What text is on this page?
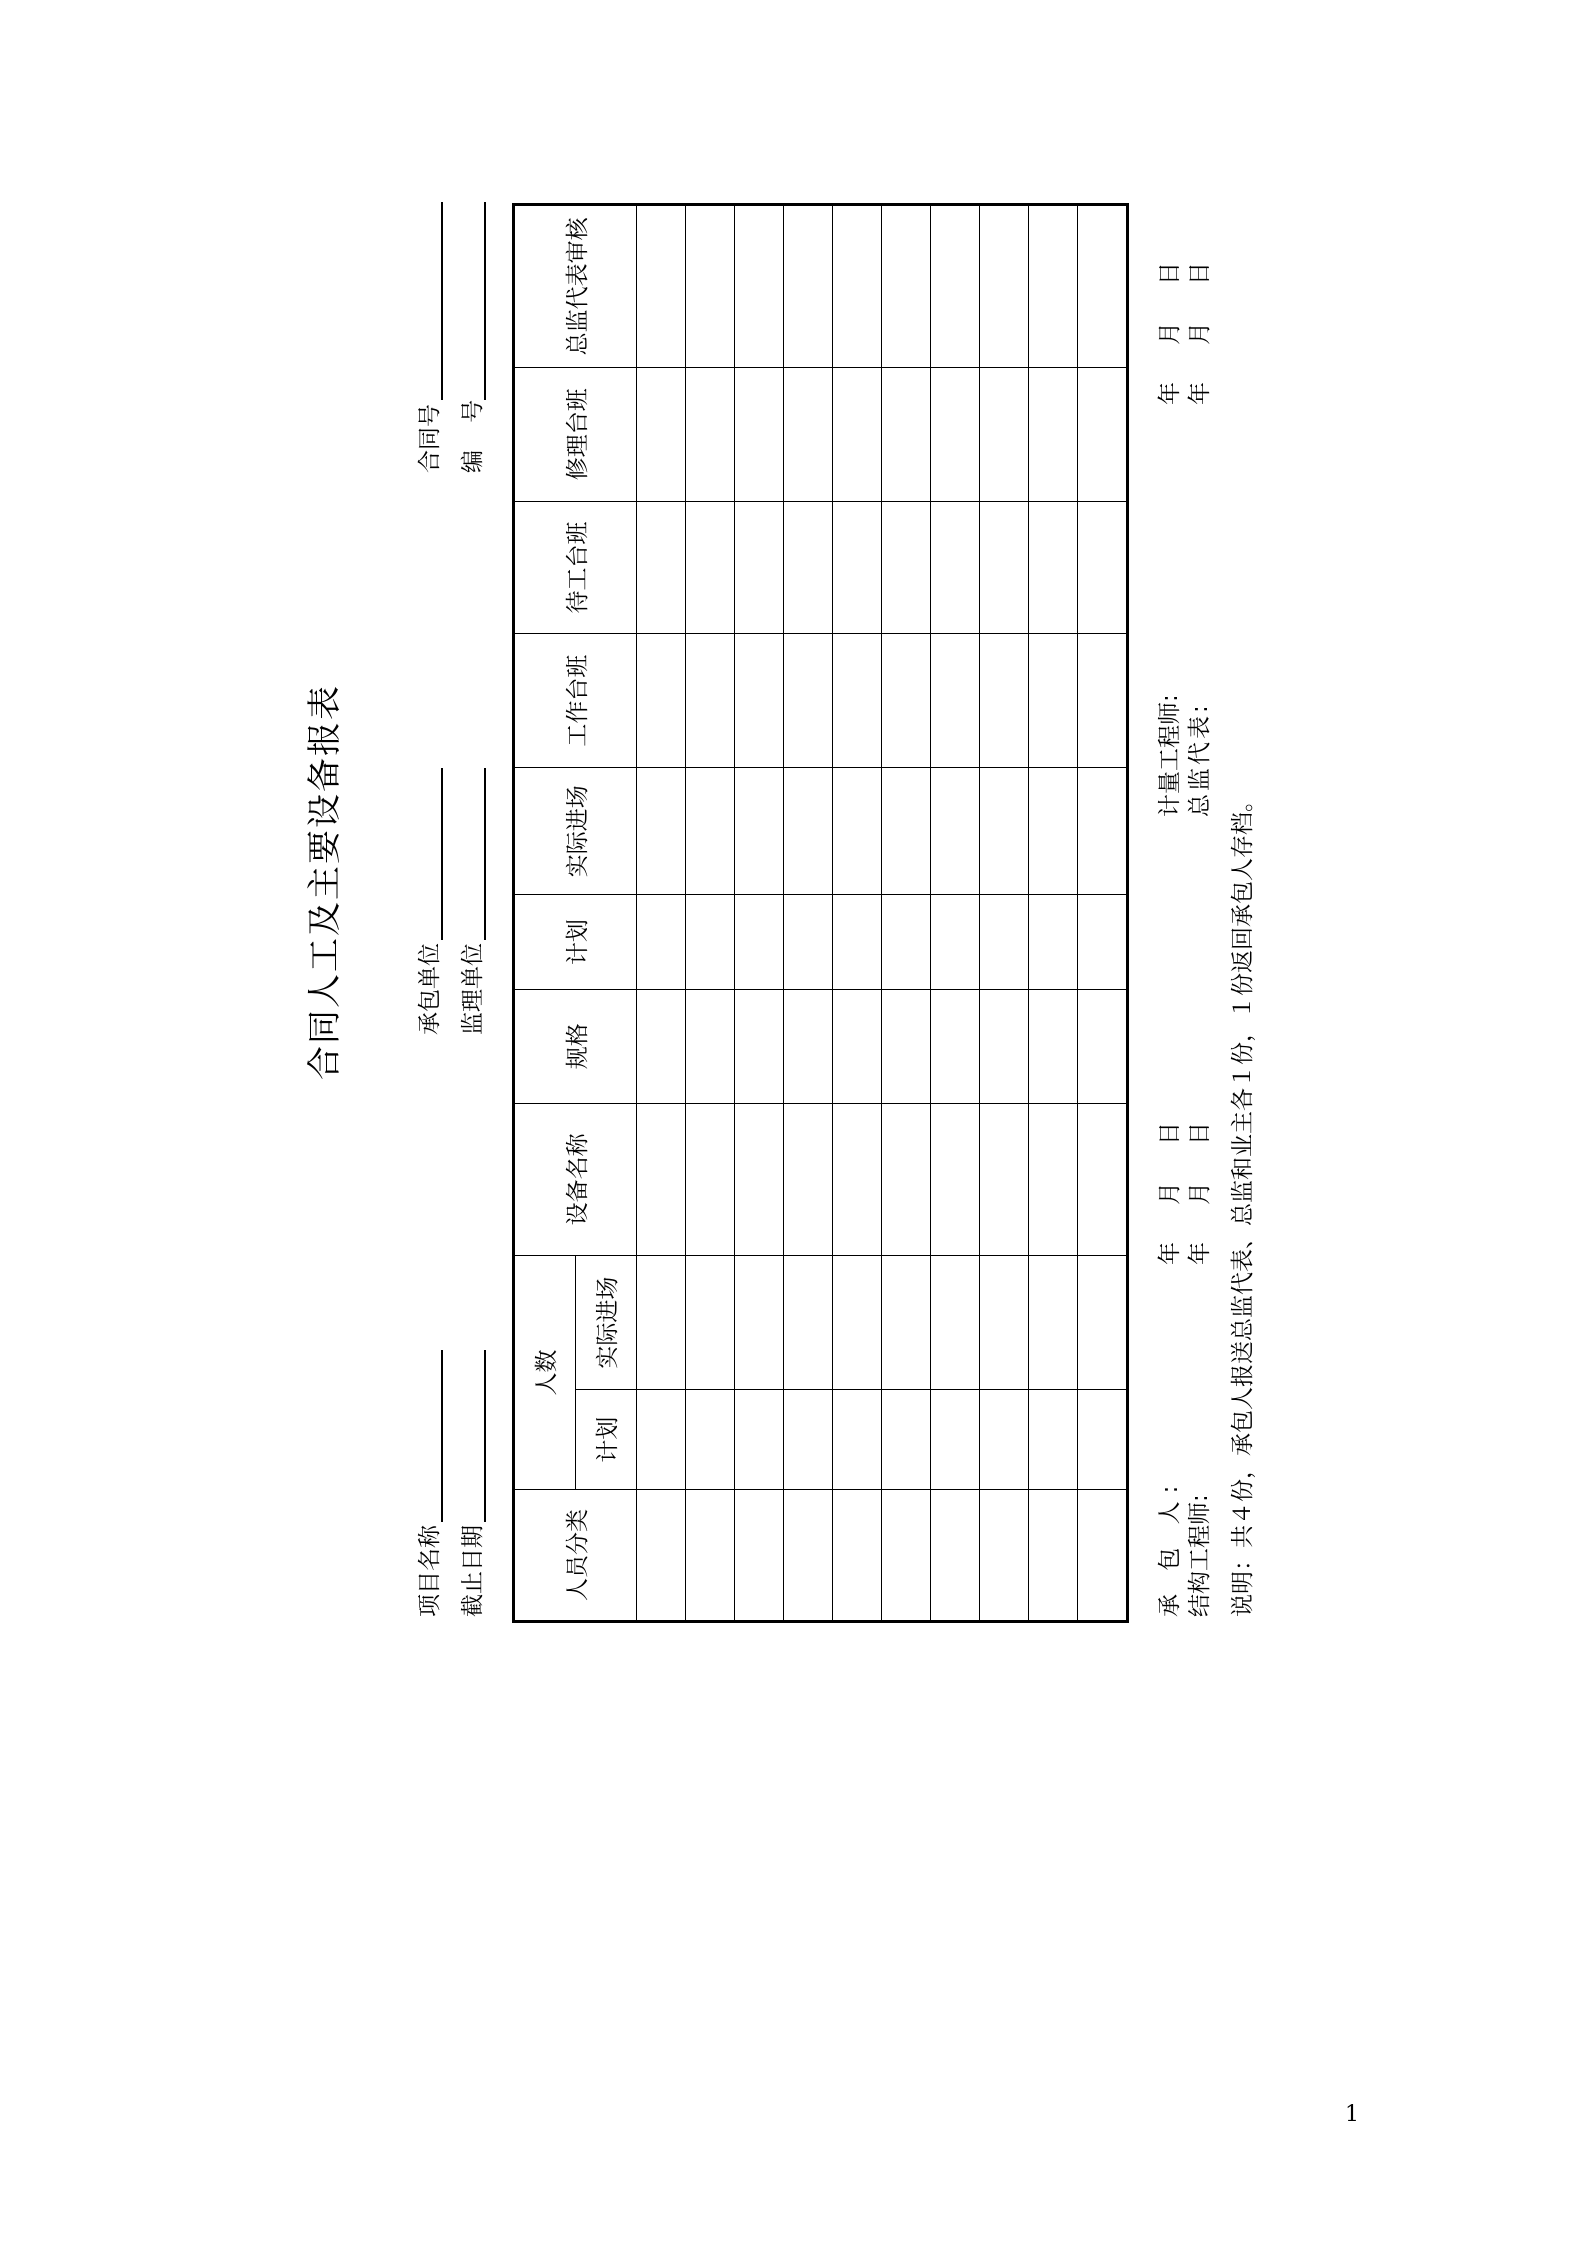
合同人工及主要设备报表
项目名称 截止日期
承包单位 监理单位
合同号 编 号
人员分类	人数		设备名称	规格	计划	实际进场	工作台班	待工台班	修理台班	总监代表审核
	计划	实际进场								

承 包 人:
年
月
日
结构工程师:
年
月
日
计量工程师:
年
月
日
总监代表:
年
月
日
说明：共４份，承包人报送总监代表、总监和业主各１份，１份返回承包人存档。
1
